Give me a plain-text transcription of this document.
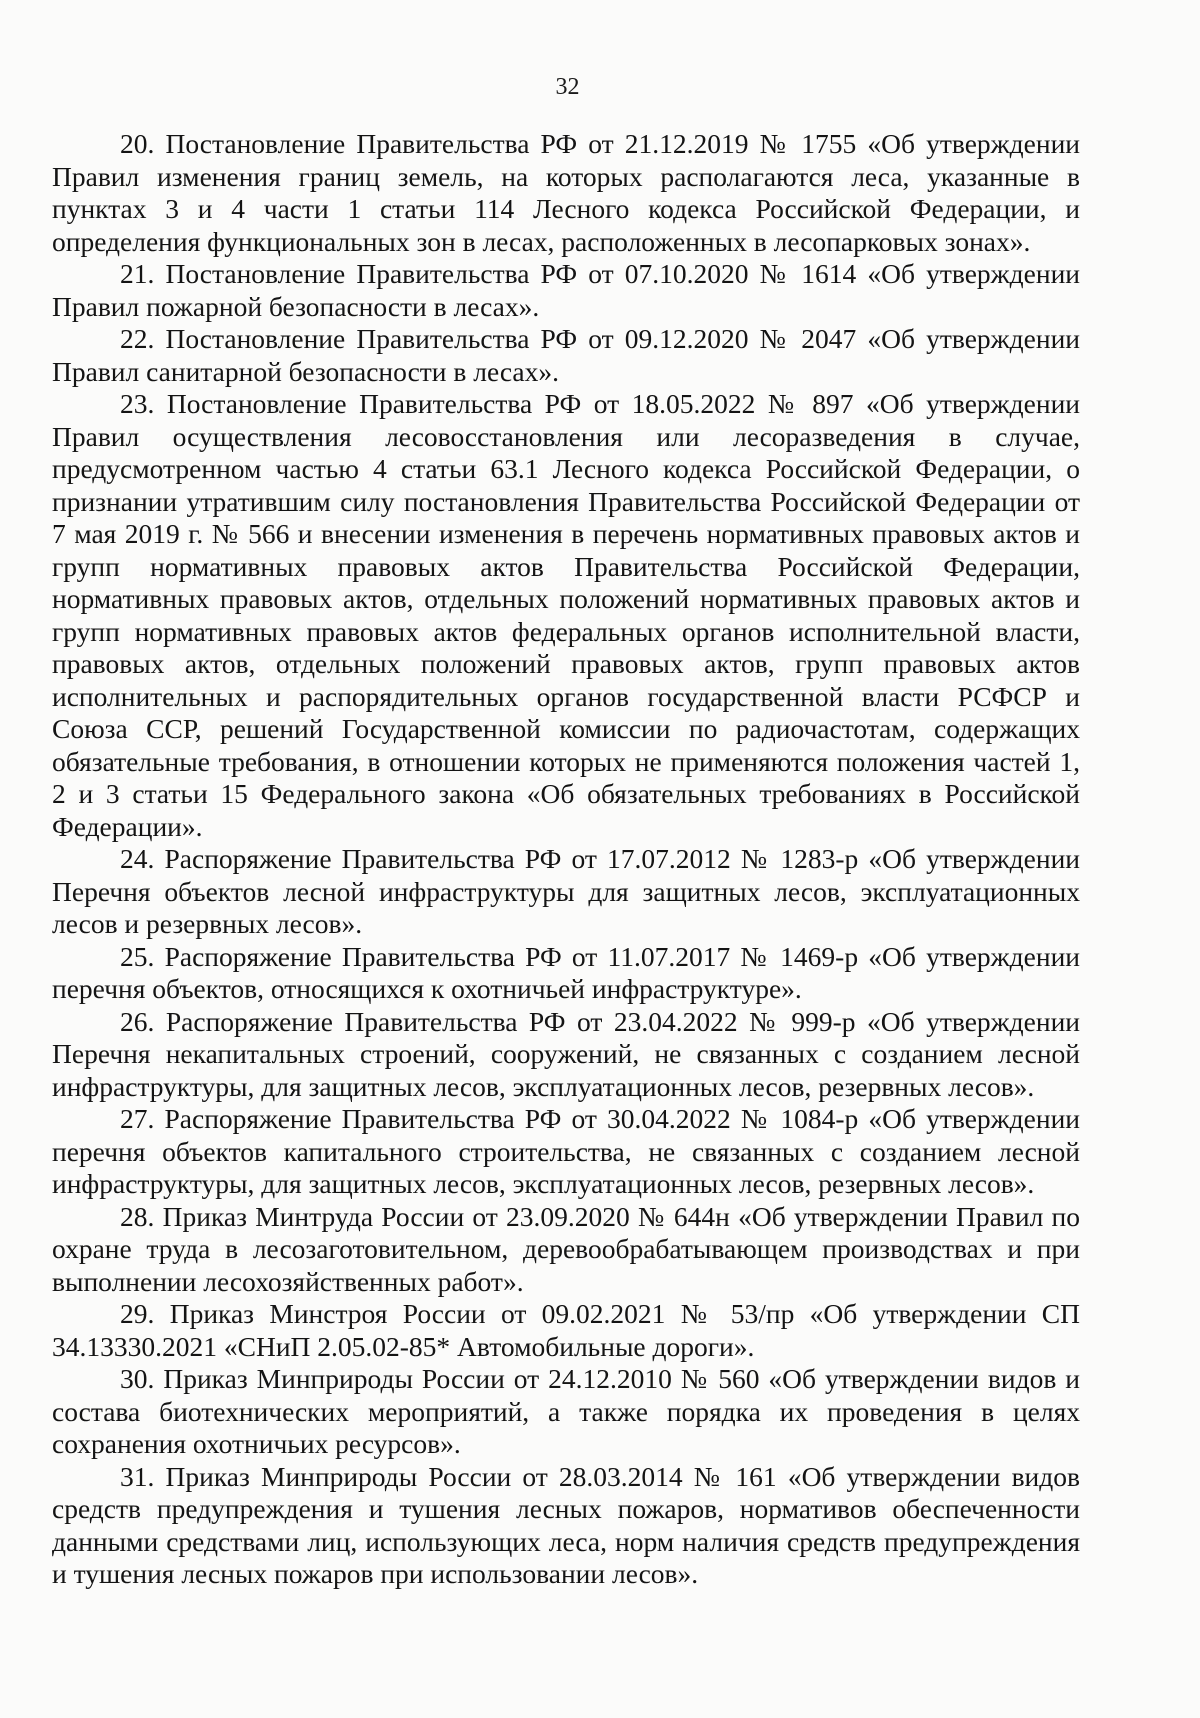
32

20. Постановление Правительства РФ от 21.12.2019 № 1755 «Об утверждении Правил изменения границ земель, на которых располагаются леса, указанные в пунктах 3 и 4 части 1 статьи 114 Лесного кодекса Российской Федерации, и определения функциональных зон в лесах, расположенных в лесопарковых зонах».

21. Постановление Правительства РФ от 07.10.2020 № 1614 «Об утверждении Правил пожарной безопасности в лесах».

22. Постановление Правительства РФ от 09.12.2020 № 2047 «Об утверждении Правил санитарной безопасности в лесах».

23. Постановление Правительства РФ от 18.05.2022 № 897 «Об утверждении Правил осуществления лесовосстановления или лесоразведения в случае, предусмотренном частью 4 статьи 63.1 Лесного кодекса Российской Федерации, о признании утратившим силу постановления Правительства Российской Федерации от 7 мая 2019 г. № 566 и внесении изменения в перечень нормативных правовых актов и групп нормативных правовых актов Правительства Российской Федерации, нормативных правовых актов, отдельных положений нормативных правовых актов и групп нормативных правовых актов федеральных органов исполнительной власти, правовых актов, отдельных положений правовых актов, групп правовых актов исполнительных и распорядительных органов государственной власти РСФСР и Союза ССР, решений Государственной комиссии по радиочастотам, содержащих обязательные требования, в отношении которых не применяются положения частей 1, 2 и 3 статьи 15 Федерального закона «Об обязательных требованиях в Российской Федерации».

24. Распоряжение Правительства РФ от 17.07.2012 № 1283-р «Об утверждении Перечня объектов лесной инфраструктуры для защитных лесов, эксплуатационных лесов и резервных лесов».

25. Распоряжение Правительства РФ от 11.07.2017 № 1469-р «Об утверждении перечня объектов, относящихся к охотничьей инфраструктуре».

26. Распоряжение Правительства РФ от 23.04.2022 № 999-р «Об утверждении Перечня некапитальных строений, сооружений, не связанных с созданием лесной инфраструктуры, для защитных лесов, эксплуатационных лесов, резервных лесов».

27. Распоряжение Правительства РФ от 30.04.2022 № 1084-р «Об утверждении перечня объектов капитального строительства, не связанных с созданием лесной инфраструктуры, для защитных лесов, эксплуатационных лесов, резервных лесов».

28. Приказ Минтруда России от 23.09.2020 № 644н «Об утверждении Правил по охране труда в лесозаготовительном, деревообрабатывающем производствах и при выполнении лесохозяйственных работ».

29. Приказ Минстроя России от 09.02.2021 № 53/пр «Об утверждении СП 34.13330.2021 «СНиП 2.05.02-85* Автомобильные дороги».

30. Приказ Минприроды России от 24.12.2010 № 560 «Об утверждении видов и состава биотехнических мероприятий, а также порядка их проведения в целях сохранения охотничьих ресурсов».

31. Приказ Минприроды России от 28.03.2014 № 161 «Об утверждении видов средств предупреждения и тушения лесных пожаров, нормативов обеспеченности данными средствами лиц, использующих леса, норм наличия средств предупреждения и тушения лесных пожаров при использовании лесов».
